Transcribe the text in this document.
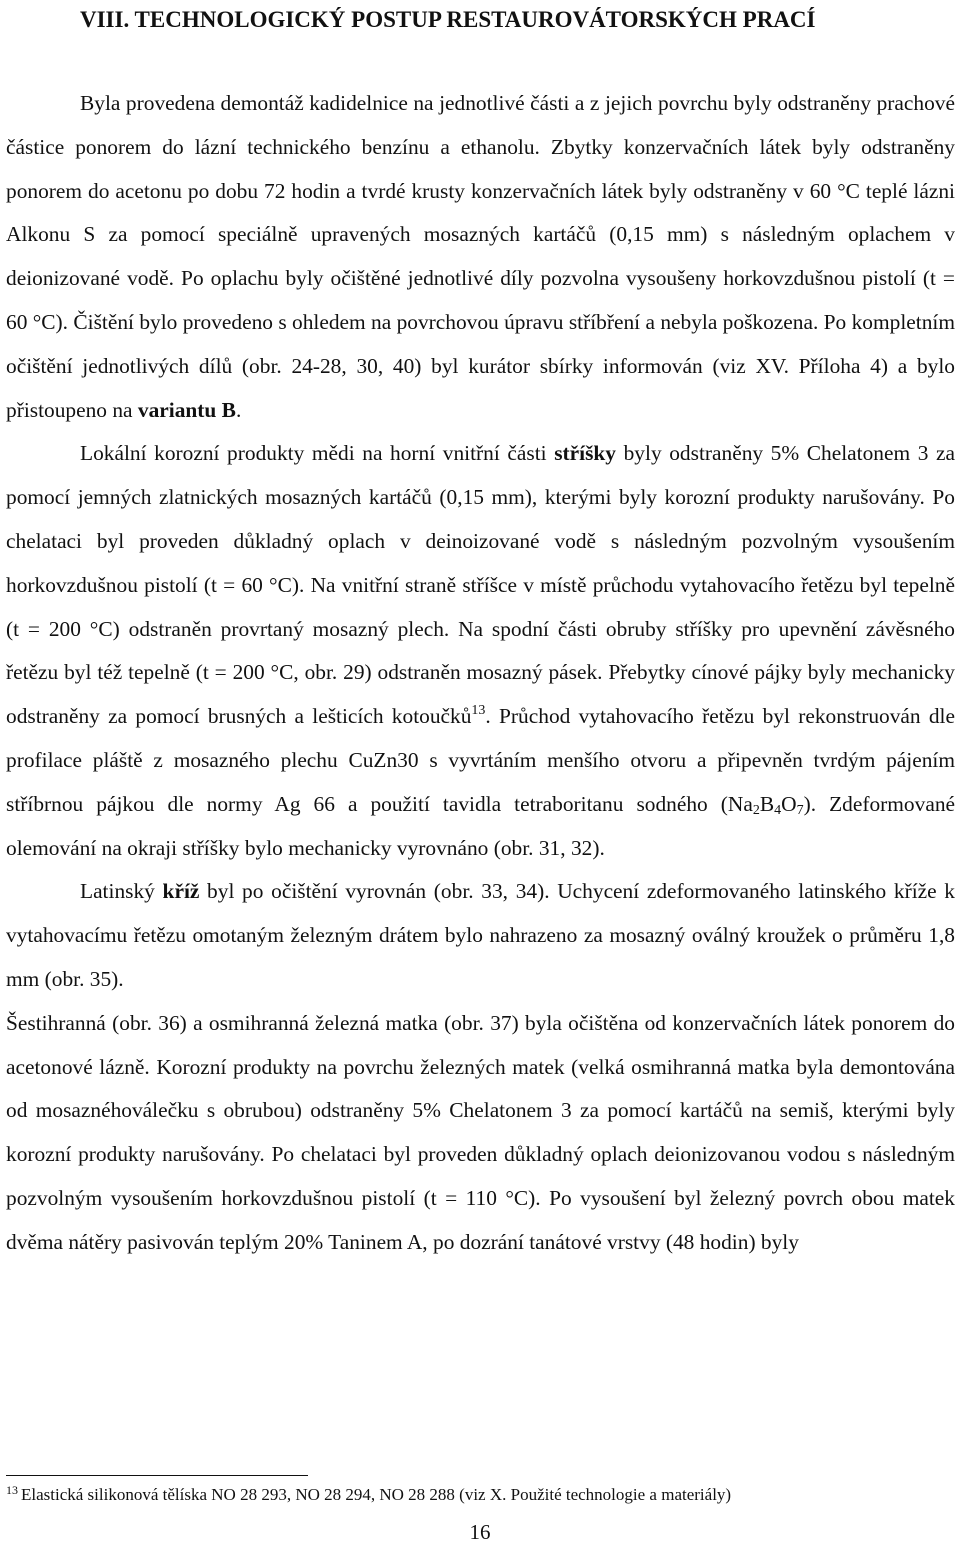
VIII. TECHNOLOGICKÝ POSTUP RESTAUROVÁTORSKÝCH PRACÍ

Byla provedena demontáž kadidelnice na jednotlivé části a z jejich povrchu byly odstraněny prachové částice ponorem do lázní technického benzínu a ethanolu. Zbytky konzervačních látek byly odstraněny ponorem do acetonu po dobu 72 hodin a tvrdé krusty konzervačních látek byly odstraněny v 60 °C teplé lázni Alkonu S za pomocí speciálně upravených mosazných kartáčů (0,15 mm) s následným oplachem v deionizované vodě. Po oplachu byly očištěné jednotlivé díly pozvolna vysoušeny horkovzdušnou pistolí (t = 60 °C). Čištění bylo provedeno s ohledem na povrchovou úpravu stříbření a nebyla poškozena. Po kompletním očištění jednotlivých dílů (obr. 24-28, 30, 40) byl kurátor sbírky informován (viz XV. Příloha 4) a bylo přistoupeno na variantu B.

Lokální korozní produkty mědi na horní vnitřní části stříšky byly odstraněny 5% Chelatonem 3 za pomocí jemných zlatnických mosazných kartáčů (0,15 mm), kterými byly korozní produkty narušovány. Po chelataci byl proveden důkladný oplach v deinoizované vodě s následným pozvolným vysoušením horkovzdušnou pistolí (t = 60 °C). Na vnitřní straně stříšce v místě průchodu vytahovacího řetězu byl tepelně (t = 200 °C) odstraněn provrtaný mosazný plech. Na spodní části obruby stříšky pro upevnění závěsného řetězu byl též tepelně (t = 200 °C, obr. 29) odstraněn mosazný pásek. Přebytky cínové pájky byly mechanicky odstraněny za pomocí brusných a lešticích kotoučků$^{13}$. Průchod vytahovacího řetězu byl rekonstruován dle profilace pláště z mosazného plechu CuZn30 s vyvrtáním menšího otvoru a připevněn tvrdým pájením stříbrnou pájkou dle normy Ag 66 a použití tavidla tetraboritanu sodného $(Na_2B_4O_7)$. Zdeformované olemování na okraji stříšky bylo mechanicky vyrovnáno (obr. 31, 32).

Latinský kříž byl po očištění vyrovnán (obr. 33, 34). Uchycení zdeformovaného latinského kříže k vytahovacímu řetězu omotaným železným drátem bylo nahrazeno za mosazný oválný kroužek o průměru 1,8 mm (obr. 35).

Šestihranná (obr. 36) a osmihranná železná matka (obr. 37) byla očištěna od konzervačních látek ponorem do acetonové lázně. Korozní produkty na povrchu železných matek (velká osmihranná matka byla demontována od mosaznéhoválečku s obrubou) odstraněny 5% Chelatonem 3 za pomocí kartáčů na semiš, kterými byly korozní produkty narušovány. Po chelataci byl proveden důkladný oplach deionizovanou vodou s následným pozvolným vysoušením horkovzdušnou pistolí (t = 110 °C). Po vysoušení byl železný povrch obou matek dvěma nátěry pasivován teplým 20% Taninem A, po dozrání tanátové vrstvy (48 hodin) byly

$^{13}$ Elastická silikonová tělíska NO 28 293, NO 28 294, NO 28 288 (viz X. Použité technologie a materiály)
16
